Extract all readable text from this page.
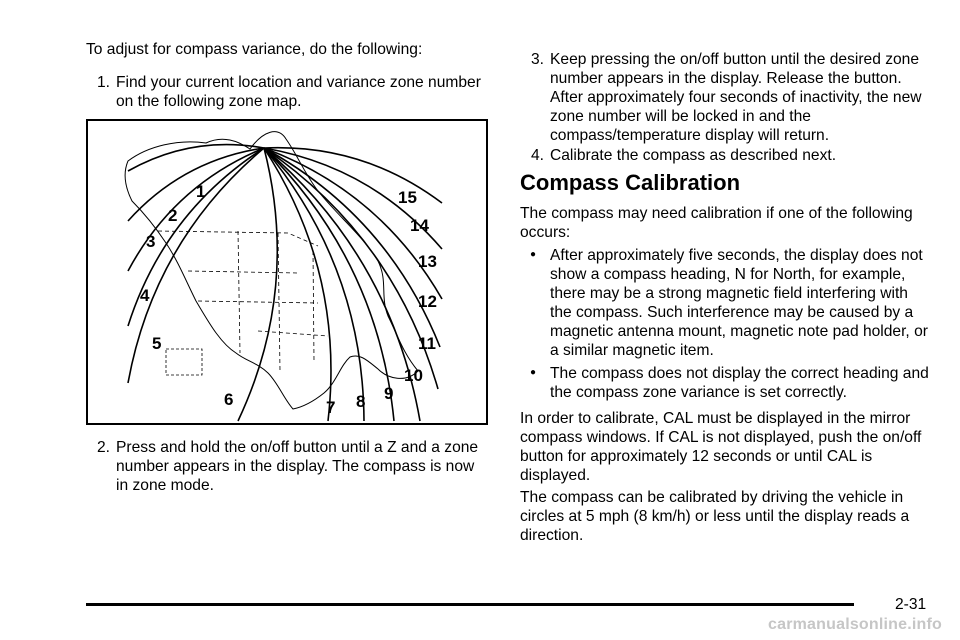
To adjust for compass variance, do the following:

1. Find your current location and variance zone number on the following zone map.
1
2
3
4
5
6	7 8 9
10
11
12
13
14
15
2. Press and hold the on/off button until a Z and a zone number appears in the display. The compass is now in zone mode.
3. Keep pressing the on/off button until the desired zone number appears in the display. Release the button. After approximately four seconds of inactivity, the new zone number will be locked in and the compass/temperature display will return.
4. Calibrate the compass as described next.
Compass Calibration

The compass may need calibration if one of the following occurs:

● After approximately five seconds, the display does not show a compass heading, N for North, for example, there may be a strong magnetic field interfering with the compass. Such interference may be caused by a magnetic antenna mount, magnetic note pad holder, or a similar magnetic item.
● The compass does not display the correct heading and the compass zone variance is set correctly.

In order to calibrate, CAL must be displayed in the mirror compass windows. If CAL is not displayed, push the on/off button for approximately 12 seconds or until CAL is displayed.

The compass can be calibrated by driving the vehicle in circles at 5 mph (8 km/h) or less until the display reads a direction.

2-31
carmanualsonline.info
